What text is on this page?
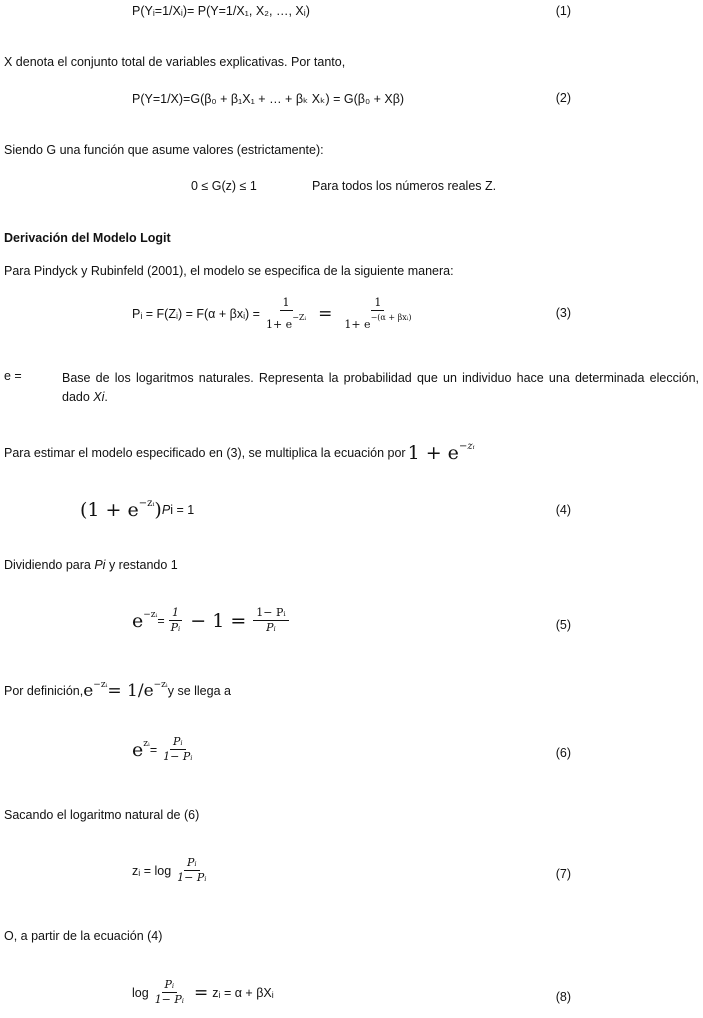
P(Yᵢ=1/Xᵢ)= P(Y=1/X₁, X₂, …, Xᵢ)	(1)
X denota el conjunto total de variables explicativas. Por tanto,
P(Y=1/X)=G(β₀ + β₁X₁ + … + βₖ Xₖ) = G(β₀ + Xβ)	(2)
Siendo G una función que asume valores (estrictamente):
0 ≤ G(z) ≤ 1	Para todos los números reales Z.
Derivación del Modelo Logit
Para Pindyck y Rubinfeld (2001), el modelo se especifica de la siguiente manera:
Pᵢ = F(Zᵢ) = F(α + βxᵢ) = $\frac{1}{1+ e^{-Zᵢ}} = \frac{1}{1+ e^{-(\alpha + \beta xᵢ)}}$	(3)
e =	Base de los logaritmos naturales. Representa la probabilidad que un individuo hace una determinada elección, dado Xi.
Para estimar el modelo especificado en (3), se multiplica la ecuación por $1 + e^{-zᵢ}$
$(1 + e^{-zᵢ})$ P i = 1	(4)
Dividiendo para Pi y restando 1
$e^{-zᵢ} = \frac{1}{\text{Pᵢ}} - 1 = \frac{\text{1− Pᵢ}}{\text{Pᵢ}}$	(5)
Por definición, $e^{-zᵢ} = 1/e^{-zᵢ}$ y se llega a
$e^{zᵢ} = \frac{\text{Pᵢ}}{\text{1− Pᵢ}}$	(6)
Sacando el logaritmo natural de (6)
zᵢ = $\log \frac{\text{Pᵢ}}{\text{1− Pᵢ}}$	(7)
O, a partir de la ecuación (4)
$\log \frac{\text{Pᵢ}}{\text{1− Pᵢ}}$ = zᵢ = α + βXᵢ	(8)
